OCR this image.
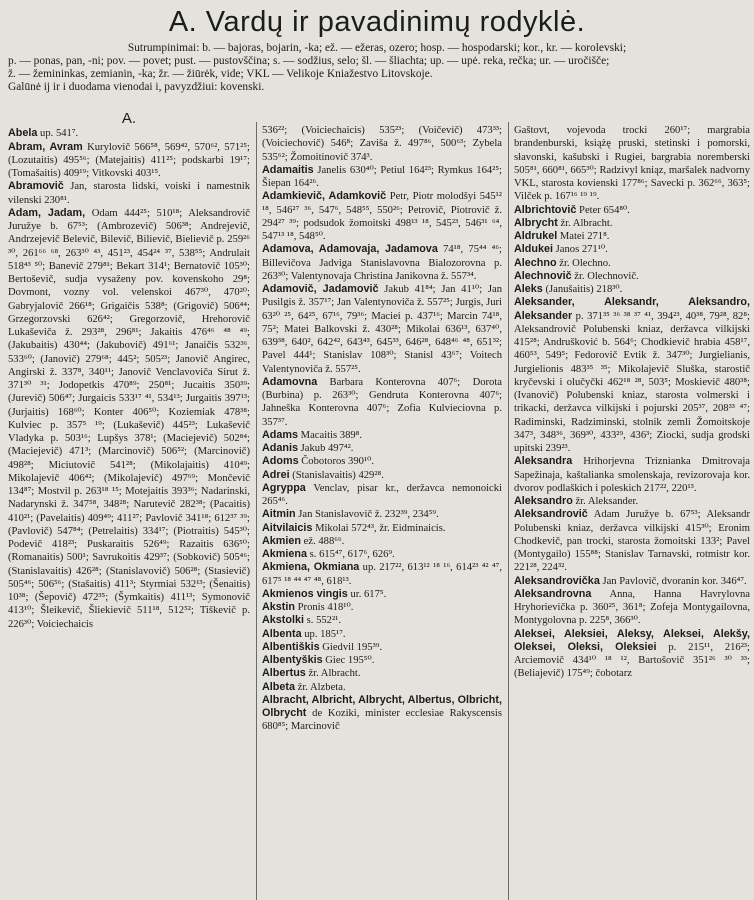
A. Vardų ir pavadinimų rodyklė.
Sutrumpinimai: b. — bajoras, bojarin, -ka; ež. — ežeras, ozero; hosp. — hospodarski; kor., kr. — korolevski;
p. — ponas, pan, -ni; pov. — povet; pust. — pustovščina; s. — sodžius, selo; šl. — šliachta; up. — upė. reka, rečka; ur. — uročišče;
ž. — žemininkas, zemianin, -ka; žr. — žiūrėk, vide; VKL — Velikoje Kniažestvo Litovskoje.
Galūnė ij ir i duodama vienodai i, pavyzdžiui: kovenski.
A.

Abela up. 541⁷.

Abram, Avram Kurylovič 566⁵⁸, 569⁴², 570⁶², 571²⁵; (Lozutaitis) 495⁵⁶; (Matejaitis) 411²⁵; podskarbi 19¹⁷; (Tomašaitis) 409¹⁹; Vitkovski 403¹⁵.

Abramovič Jan, starosta lidski, voiski i namestnik vilenski 230⁸¹.

Adam, Jadam, Odam 444²⁵; 510¹⁸; Aleksandrovič Juružye b. 67⁵³; (Ambrozevič) 506³⁸; Andrejevič, Andrzejevič Belevič, Bilevič, Bilievič, Bielievič p. 259²⁶ ³⁰, 261⁶⁶ ⁶⁸, 263³⁰ ⁴³, 451²³, 454²⁴ ³⁷, 538⁵⁵; Andrulait 518⁴³ ⁵⁰; Banevič 279⁸¹; Bekart 314¹; Bernatovič 105³⁰; Bertoševič, sudja vysaženy pov. kovenskoho 29⁸; Dovmont, vozny vol. velenskoi 467³⁰, 470²⁰; Gabryjalovič 266¹⁸; Grigaičis 538⁸; (Grigovič) 506⁴⁴; Grzegorzovski 626⁴²; Gregorzovič, Hrehorovič Lukaševiča ž. 293²⁸, 296⁸¹; Jakaitis 476⁴⁶ ⁴⁸ ⁴⁹; (Jakubaitis) 430⁴⁴; (Jakubovič) 491⁶¹; Janaičis 532³⁶, 533⁶⁰; (Janovič) 279⁶⁸; 445²; 505²³; Janovič Angirec, Angirski ž. 337⁸, 340¹¹; Janovič Venclavoviča Sirut ž. 371³⁰ ³¹; Jodopetkis 470⁸⁹; 250⁸¹; Jucaitis 350³⁹; (Jurevič) 506⁴⁷; Jurgaicis 533¹⁷ ⁴¹, 534¹³; Jurgaitis 397¹³; (Jurjaitis) 168⁶⁰; Konter 406⁵⁰; Koziemiak 478³⁸; Kulviec p. 357⁵ ¹⁹; (Lukaševič) 445²³; Lukaševič Vladyka p. 503¹⁶; Lupšys 378¹; (Maciejevič) 502⁸⁴; (Maciejevič) 471³; (Marcinovič) 506⁵²; (Marcinovič) 498²⁸; Miciutovič 541²⁸; (Mikolajaitis) 410⁴⁹; Mikolajevič 406⁴²; (Mikolajevič) 497⁶⁹; Mončevič 134⁸⁷; Mostvil p. 263¹⁸ ¹⁵; Motejaitis 393³⁶; Nadarinski, Nadarynski ž. 347⁵⁸, 348²⁸; Narutevič 282³⁸; (Pacaitis) 410²¹; (Pavelaitis) 409⁴⁹; 411²⁷; Pavlovič 341¹⁸; 612³⁷ ³⁹; (Pavlovič) 547⁸⁴; (Petrelaitis) 334¹⁷; (Piotraitis) 545³⁰; Podevič 418²³; Puskaraitis 526⁴⁹; Razaitis 636⁵⁰; (Romanaitis) 500¹; Savrukoitis 429³⁷; (Sobkovič) 505⁴⁶; (Stanislavaitis) 426²⁸; (Stanislavovič) 506²⁸; (Stasievič) 505⁴⁶; 506⁵⁶; (Stašaitis) 411³; Styrmiai 532¹³; (Šenaitis) 10³⁸; (Šepovič) 472³⁵; (Šymkaitis) 411¹³; Symonovič 413¹⁰; Šleikevič, Šliekievič 511¹⁸, 512⁵²; Tiškevič p. 226³⁰; Voiciechaicis

536²²; (Voiciechaicis) 535²³; (Voičevič) 473³³; (Voiciechovič) 546⁸; Zaviša ž. 497⁸⁶, 500⁶³; Zybela 535⁶²; Žomoitinovič 374³.

Adamaitis Janelis 630⁴⁰; Petiul 164²³; Rymkus 164²⁵; Šiepan 164²⁶.

Adamkievič, Adamkovič Petr, Piotr molodšyi 545¹² ¹⁸, 546²⁷ ³⁶, 547⁶, 548⁵⁵, 550²⁶; Petrovič, Piotrovič ž. 294²⁷ ³⁹; podsudok žomoitski 498¹³ ¹⁸, 545²³, 546³¹ ⁶⁴, 547¹³ ¹⁸, 548⁵⁰.

Adamova, Adamovaja, Jadamova 74¹⁸, 75⁴⁴ ⁴⁶; Billevičova Jadviga Stanislavovna Bialozorovna p. 263³⁰; Valentynovaja Christina Janikovna ž. 557³⁴.

Adamovič, Jadamovič Jakub 41⁸⁴; Jan 41¹⁰; Jan Pusilgis ž. 357¹⁷; Jan Valentynoviča ž. 557²⁵; Jurgis, Juri 63²⁰ ²⁵, 64²⁵, 67¹⁶, 79³⁶; Maciei p. 437¹⁶; Marcin 74¹⁸, 75²; Matei Balkovski ž. 430²⁸; Mikolai 636¹³, 637⁴⁰, 639³⁸, 640², 642⁴², 643⁴³, 645³³, 646²⁸, 648⁴⁶ ⁴⁸, 651³²; Pavel 444¹; Stanislav 108³⁰; Stanisl 43⁶⁷; Voitech Valentynoviča ž. 557²⁵.

Adamovna Barbara Konterovna 407⁶; Dorota (Burbina) p. 263³⁰; Gendruta Konterovna 407⁶; Jahneška Konterovna 407⁶; Zofia Kulvieciovna p. 357³⁷.

Adams Macaitis 389⁸.

Adanis Jakub 497⁴².

Adoms Čobotoros 390¹⁰.

Adrei (Stanislavaitis) 429²⁸.

Agryppa Venclav, pisar kr., deržavca nemonoicki 265⁴⁶.

Aitmin Jan Stanislavovič ž. 232³⁹, 234⁵⁹.

Aitvilaicis Mikolai 572⁴³, žr. Eidminaicis.

Akmien ež. 488⁶⁶.

Akmiena s. 615⁴⁷, 617⁶, 626⁹.

Akmiena, Okmiana up. 217²², 613¹² ¹⁸ ¹⁶, 614²³ ⁴² ⁴⁷, 617⁵ ¹⁸ ⁴⁴ ⁴⁷ ⁴⁸, 618¹³.

Akmienos vingis ur. 617⁵.

Akstin Pronis 418¹⁰.

Akstolki s. 552²¹.

Albenta up. 185¹⁷.

Albentiškis Giedvil 195³⁹.

Albentyškis Giec 195⁵⁰.

Albertus žr. Albracht.

Albeta žr. Alzbeta.

Albracht, Albricht, Albrycht, Albertus, Olbricht, Olbrycht de Koziki, minister ecclesiae Rakyscensis 680⁸⁵; Marcinovič

Gaštovt, vojevoda trocki 260¹⁷; margrabia brandenburski, książę pruski, stetinski i pomorski, słavonski, kašubski i Rugiei, bargrabia noremberski 505⁸¹, 660⁸¹, 665³⁰; Radzivyl kniąz, maršalek nadvorny VKL, starosta kovienski 177⁸⁶; Savecki p. 362⁶⁶, 363⁵; Vilček p. 167¹⁶ ¹⁹ ¹⁹.

Albrichtovič Peter 654⁸⁰.

Albrycht žr. Albracht.

Aldrukel Matei 271⁸.

Aldukei Janos 271¹⁰.

Alechno žr. Olechno.

Alechnovič žr. Olechnovič.

Aleks (Janušaitis) 218³⁰.

Aleksander, Aleksandr, Aleksandro, Aleksander p. 371³⁵ ³⁶ ³⁸ ³⁷ ⁴¹, 394²³, 40³⁸, 79²⁸, 82⁸; Aleksandrovič Polubenski kniaz, deržavca vilkijski 415²⁸; Andrušković b. 564⁶; Chodkievič hrabia 458¹⁷, 460⁵³, 549⁵; Fedorovič Evtik ž. 347³⁰; Jurgielianis, Jurgielionis 483³⁵ ³⁵; Mikolajevič Sluška, starostič kryčevski i olučyčki 462¹⁸ ²⁸, 503⁵; Moskievič 480³⁸; (Ivanovič) Polubenski kniaz, starosta volmerski i trikacki, deržavca vilkijski i pojurski 205³⁷, 208³³ ⁴⁷; Radiminski, Radziminski, stolnik zemli Žomoitskoje 347³, 348³⁶, 369³⁰, 433²⁹, 436³; Ziocki, sudja grodski upitski 239²³.

Aleksandra Hrihorjevna Triznianka Dmitrovaja Sapežinaja, kaštalianka smolenskaja, revizorovaja kor. dvorov podlaškich i poleskich 217²², 220¹³.

Aleksandro žr. Aleksander.

Aleksandrovič Adam Juružye b. 67⁵³; Aleksandr Polubenski kniaz, deržavca vilkijski 415³⁰; Eronim Chodkevič, pan trocki, starosta žomoitski 133²; Pavel (Montygailo) 155⁸⁸; Stanislav Tarnavski, rotmistr kor. 221²⁸, 224³².

Aleksandrovička Jan Pavlovič, dvoranin kor. 346⁴⁷.

Aleksandrovna Anna, Hanna Havrylovna Hryhorievička p. 360²⁵, 361⁸; Zofeja Montygailovna, Montygolovna p. 225⁸, 366³⁰.

Aleksei, Aleksiei, Aleksy, Aleksei, Alekšy, Oleksei, Oleksi, Oleksiei p. 215¹¹, 216²³; Arciemovič 434¹⁰ ¹⁸ ¹², Bartošovič 351²⁶ ³⁰ ³³; (Beliajevič) 175⁴⁹; čobotarz
